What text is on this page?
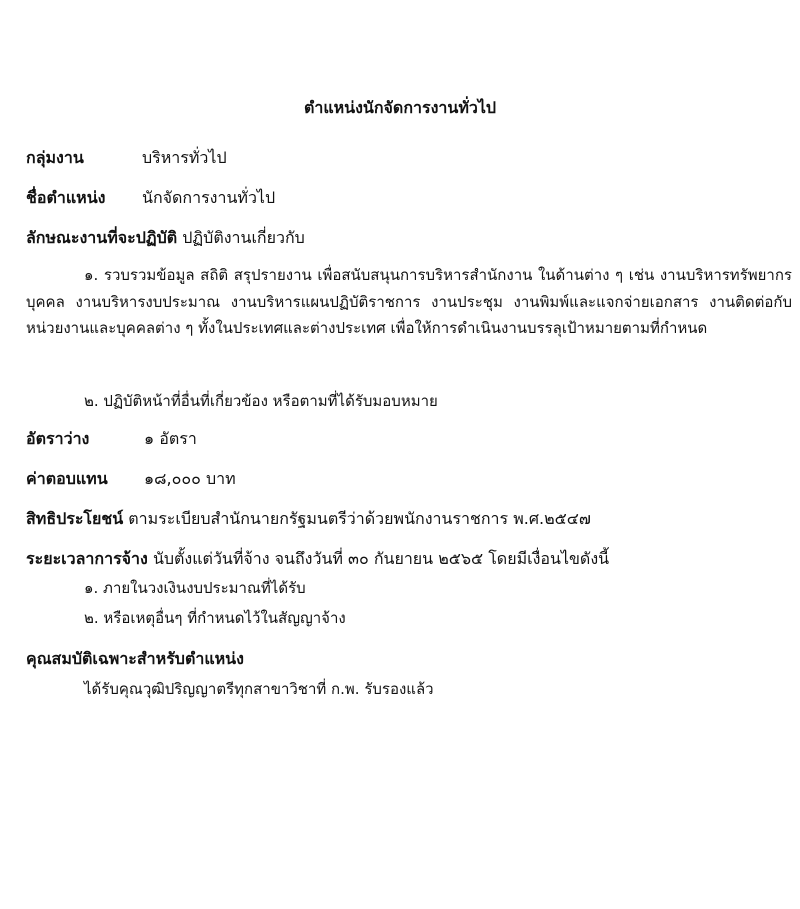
ตำแหน่งนักจัดการงานทั่วไป
กลุ่มงาน	บริหารทั่วไป
ชื่อตำแหน่ง นักจัดการงานทั่วไป
ลักษณะงานที่จะปฏิบัติ ปฏิบัติงานเกี่ยวกับ
๑. รวบรวมข้อมูล สถิติ สรุปรายงาน เพื่อสนับสนุนการบริหารสำนักงาน ในด้านต่าง ๆ เช่น งานบริหารทรัพยากรบุคคล งานบริหารงบประมาณ งานบริหารแผนปฏิบัติราชการ งานประชุม งานพิมพ์และแจกจ่ายเอกสาร งานติดต่อกับหน่วยงานและบุคคลต่าง ๆ ทั้งในประเทศและต่างประเทศ เพื่อให้การดำเนินงานบรรลุเป้าหมายตามที่กำหนด
๒. ปฏิบัติหน้าที่อื่นที่เกี่ยวข้อง หรือตามที่ได้รับมอบหมาย
อัตราว่าง	๑ อัตรา
ค่าตอบแทน ๑๘,๐๐๐ บาท
สิทธิประโยชน์ ตามระเบียบสำนักนายกรัฐมนตรีว่าด้วยพนักงานราชการ พ.ศ.๒๕๔๗
ระยะเวลาการจ้าง นับตั้งแต่วันที่จ้าง จนถึงวันที่ ๓๐ กันยายน ๒๕๖๕ โดยมีเงื่อนไขดังนี้
๑. ภายในวงเงินงบประมาณที่ได้รับ
๒. หรือเหตุอื่นๆ ที่กำหนดไว้ในสัญญาจ้าง
คุณสมบัติเฉพาะสำหรับตำแหน่ง
ได้รับคุณวุฒิปริญญาตรีทุกสาขาวิชาที่ ก.พ. รับรองแล้ว
